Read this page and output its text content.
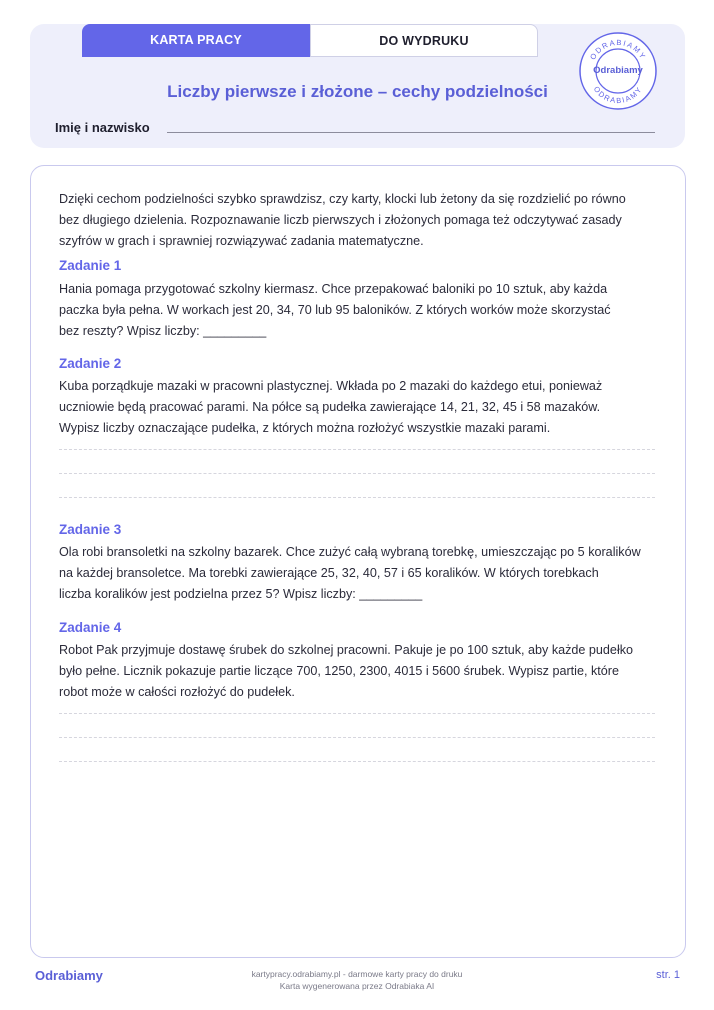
KARTA PRACY	DO WYDRUKU
Liczby pierwsze i złożone – cechy podzielności
Imię i nazwisko
ODRABIAMY
ODRABIAMY
Odrabiamy
Dzięki cechom podzielności szybko sprawdzisz, czy karty, klocki lub żetony da się rozdzielić po równo
bez długiego dzielenia. Rozpoznawanie liczb pierwszych i złożonych pomaga też odczytywać zasady
szyfrów w grach i sprawniej rozwiązywać zadania matematyczne.
Zadanie 1
Hania pomaga przygotować szkolny kiermasz. Chce przepakować baloniki po 10 sztuk, aby każda
paczka była pełna. W workach jest 20, 34, 70 lub 95 baloników. Z których worków może skorzystać
bez reszty? Wpisz liczby: _________
Zadanie 2
Kuba porządkuje mazaki w pracowni plastycznej. Wkłada po 2 mazaki do każdego etui, ponieważ
uczniowie będą pracować parami. Na półce są pudełka zawierające 14, 21, 32, 45 i 58 mazaków.
Wypisz liczby oznaczające pudełka, z których można rozłożyć wszystkie mazaki parami.
Zadanie 3
Ola robi bransoletki na szkolny bazarek. Chce zużyć całą wybraną torebkę, umieszczając po 5 koralików
na każdej bransoletce. Ma torebki zawierające 25, 32, 40, 57 i 65 koralików. W których torebkach
liczba koralików jest podzielna przez 5? Wpisz liczby: _________
Zadanie 4
Robot Pak przyjmuje dostawę śrubek do szkolnej pracowni. Pakuje je po 100 sztuk, aby każde pudełko
było pełne. Licznik pokazuje partie liczące 700, 1250, 2300, 4015 i 5600 śrubek. Wypisz partie, które
robot może w całości rozłożyć do pudełek.
Odrabiamy	kartypracy.odrabiamy.pl - darmowe karty pracy do druku
Karta wygenerowana przez Odrabiaka AI
str. 1
